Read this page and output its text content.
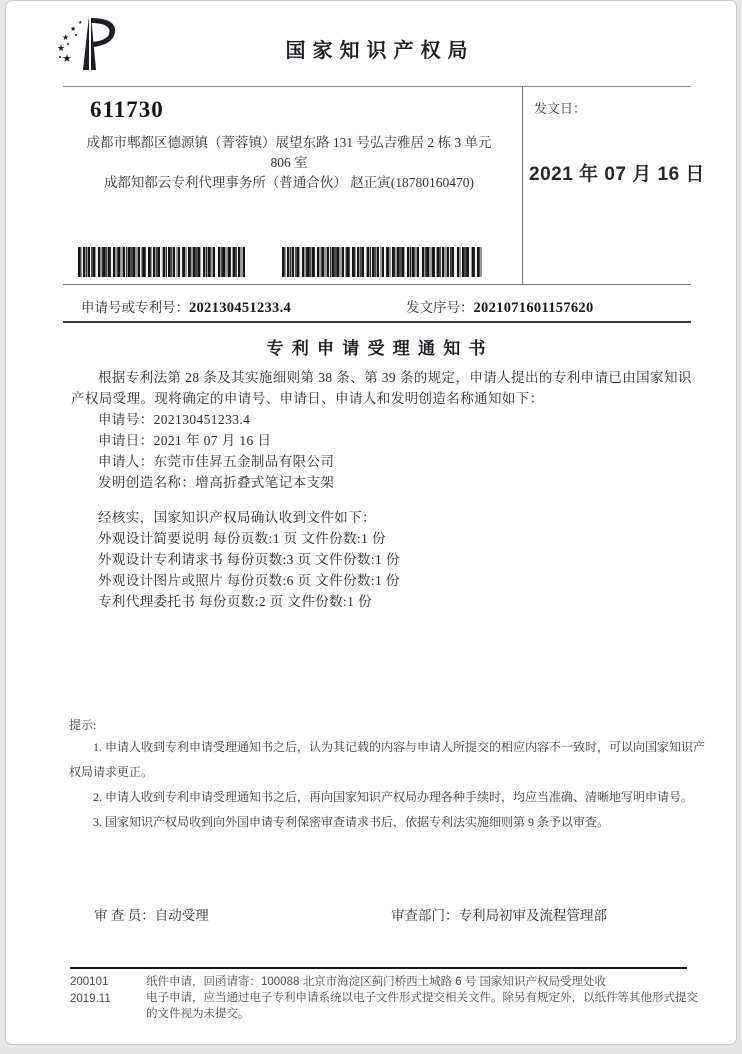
★
★
★
★
★
国 家 知 识 产 权 局
611730
成都市郫都区德源镇（菁蓉镇）展望东路 131 号弘吉雅居 2 栋 3 单元
806 室
成都知都云专利代理事务所（普通合伙） 赵正寅(18780160470)
发文日：
2021 年 07 月 16 日
申请号或专利号：202130451233.4	发文序号：2021071601157620
专 利 申 请 受 理 通 知 书
根据专利法第 28 条及其实施细则第 38 条、第 39 条的规定，申请人提出的专利申请已由国家知识产权局受理。现将确定的申请号、申请日、申请人和发明创造名称通知如下：
申请号：202130451233.4
申请日：2021 年 07 月 16 日
申请人：东莞市佳昇五金制品有限公司
发明创造名称：增高折叠式笔记本支架
经核实，国家知识产权局确认收到文件如下：
外观设计简要说明 每份页数:1 页 文件份数:1 份
外观设计专利请求书 每份页数:3 页 文件份数:1 份
外观设计图片或照片 每份页数:6 页 文件份数:1 份
专利代理委托书 每份页数:2 页 文件份数:1 份
提示:

1. 申请人收到专利申请受理通知书之后，认为其记载的内容与申请人所提交的相应内容不一致时，可以向国家知识产权局请求更正。

2. 申请人收到专利申请受理通知书之后，再向国家知识产权局办理各种手续时，均应当准确、清晰地写明申请号。

3. 国家知识产权局收到向外国申请专利保密审查请求书后，依据专利法实施细则第 9 条予以审查。

审 查 员：自动受理	审查部门：专利局初审及流程管理部
200101
2019.11

纸件申请，回函请寄：100088 北京市海淀区蓟门桥西土城路 6 号 国家知识产权局受理处收

电子申请，应当通过电子专利申请系统以电子文件形式提交相关文件。除另有规定外，以纸件等其他形式提交的文件视为未提交。
